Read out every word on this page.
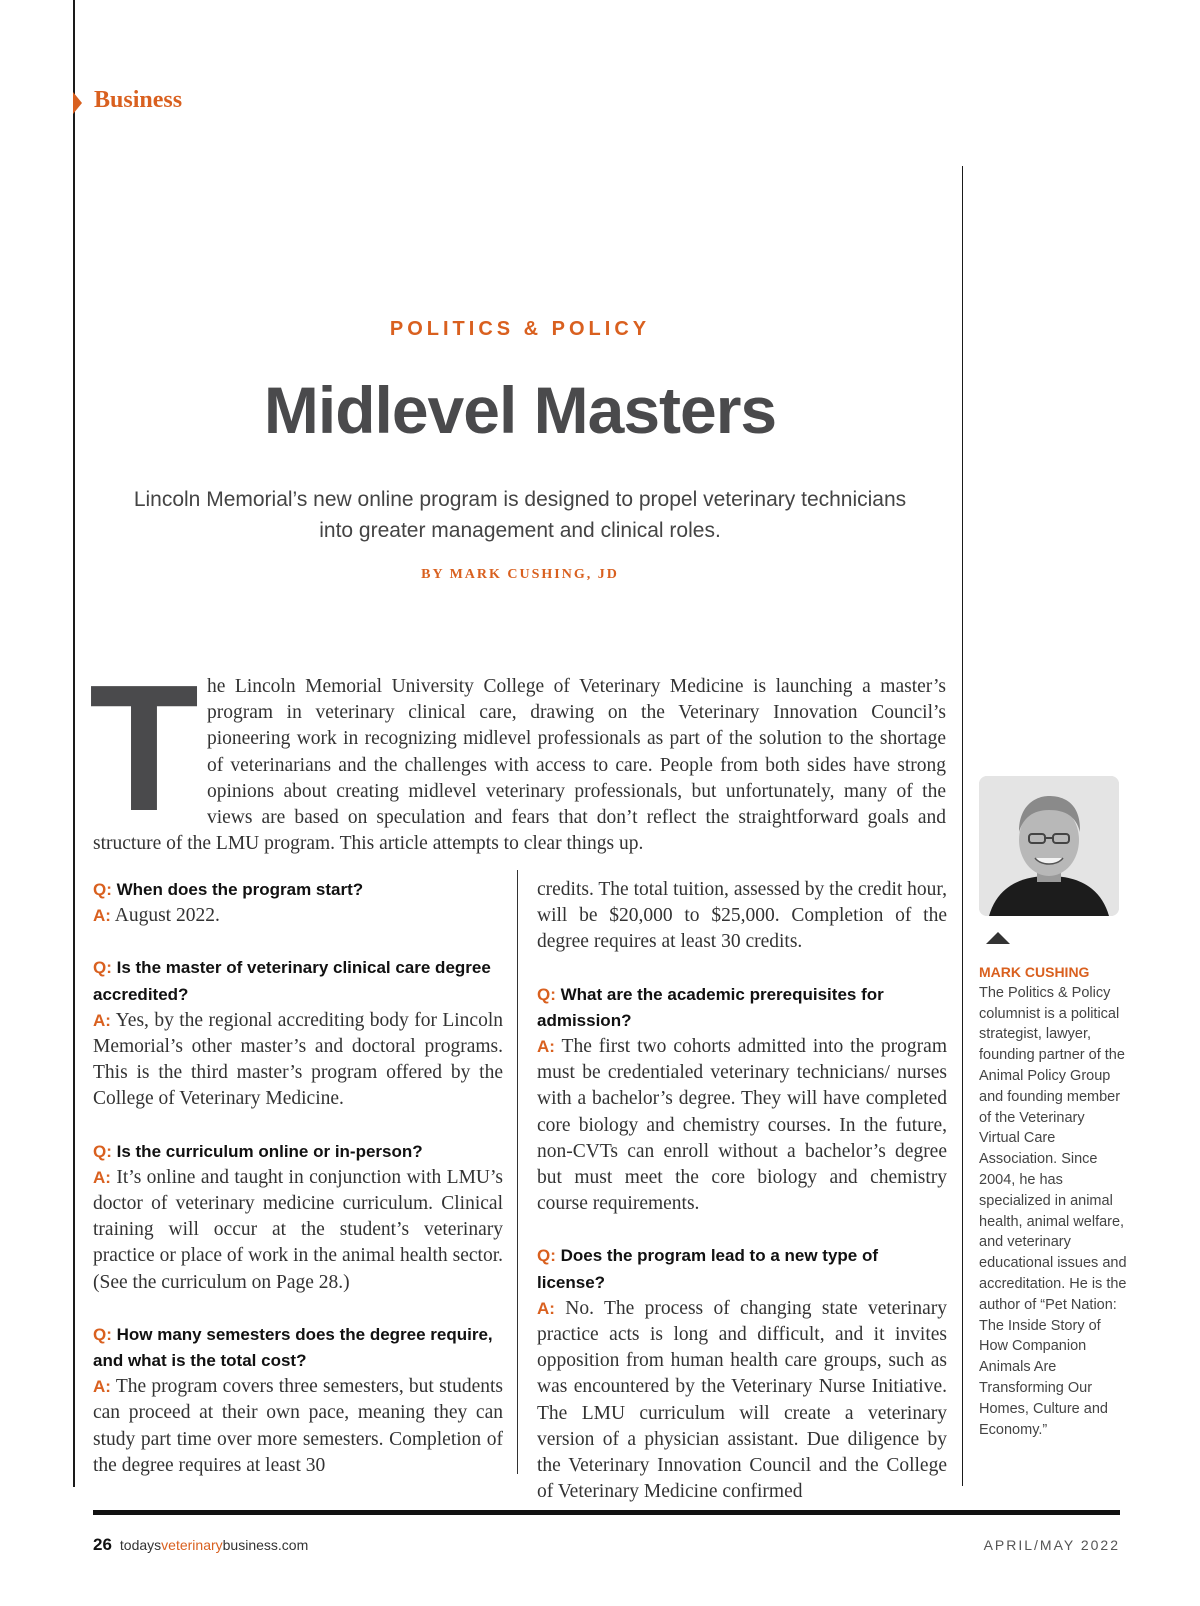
Business
POLITICS & POLICY
Midlevel Masters

Lincoln Memorial’s new online program is designed to propel veterinary technicians into greater management and clinical roles.

BY MARK CUSHING, JD
The Lincoln Memorial University College of Veterinary Medicine is launching a master’s program in veterinary clinical care, drawing on the Veterinary Innovation Council’s pioneering work in recognizing midlevel professionals as part of the solution to the shortage of veterinarians and the challenges with access to care. People from both sides have strong opinions about creating midlevel veterinary professionals, but unfortunately, many of the views are based on speculation and fears that don’t reflect the straightforward goals and structure of the LMU program. This article attempts to clear things up.
Q: When does the program start?
A: August 2022.
Q: Is the master of veterinary clinical care degree accredited?
A: Yes, by the regional accrediting body for Lincoln Memorial’s other master’s and doctoral programs. This is the third master’s program offered by the College of Veterinary Medicine.
Q: Is the curriculum online or in-person?
A: It’s online and taught in conjunction with LMU’s doctor of veterinary medicine curriculum. Clinical training will occur at the student’s veterinary practice or place of work in the animal health sector. (See the curriculum on Page 28.)
Q: How many semesters does the degree require, and what is the total cost?
A: The program covers three semesters, but students can proceed at their own pace, meaning they can study part time over more semesters. Completion of the degree requires at least 30
credits. The total tuition, assessed by the credit hour, will be $20,000 to $25,000. Completion of the degree requires at least 30 credits.
Q: What are the academic prerequisites for admission?
A: The first two cohorts admitted into the program must be credentialed veterinary technicians/ nurses with a bachelor’s degree. They will have completed core biology and chemistry courses. In the future, non-CVTs can enroll without a bachelor’s degree but must meet the core biology and chemistry course requirements.
Q: Does the program lead to a new type of license?
A: No. The process of changing state veterinary practice acts is long and difficult, and it invites opposition from human health care groups, such as was encountered by the Veterinary Nurse Initiative. The LMU curriculum will create a veterinary version of a physician assistant. Due diligence by the Veterinary Innovation Council and the College of Veterinary Medicine confirmed
MARK CUSHING
The Politics & Policy columnist is a political strategist, lawyer, founding partner of the Animal Policy Group and founding member of the Veterinary Virtual Care Association. Since 2004, he has specialized in animal health, animal welfare, and veterinary educational issues and accreditation. He is the author of “Pet Nation: The Inside Story of How Companion Animals Are Transforming Our Homes, Culture and Economy.”
26 todaysveterinarybusiness.com	APRIL/MAY 2022
